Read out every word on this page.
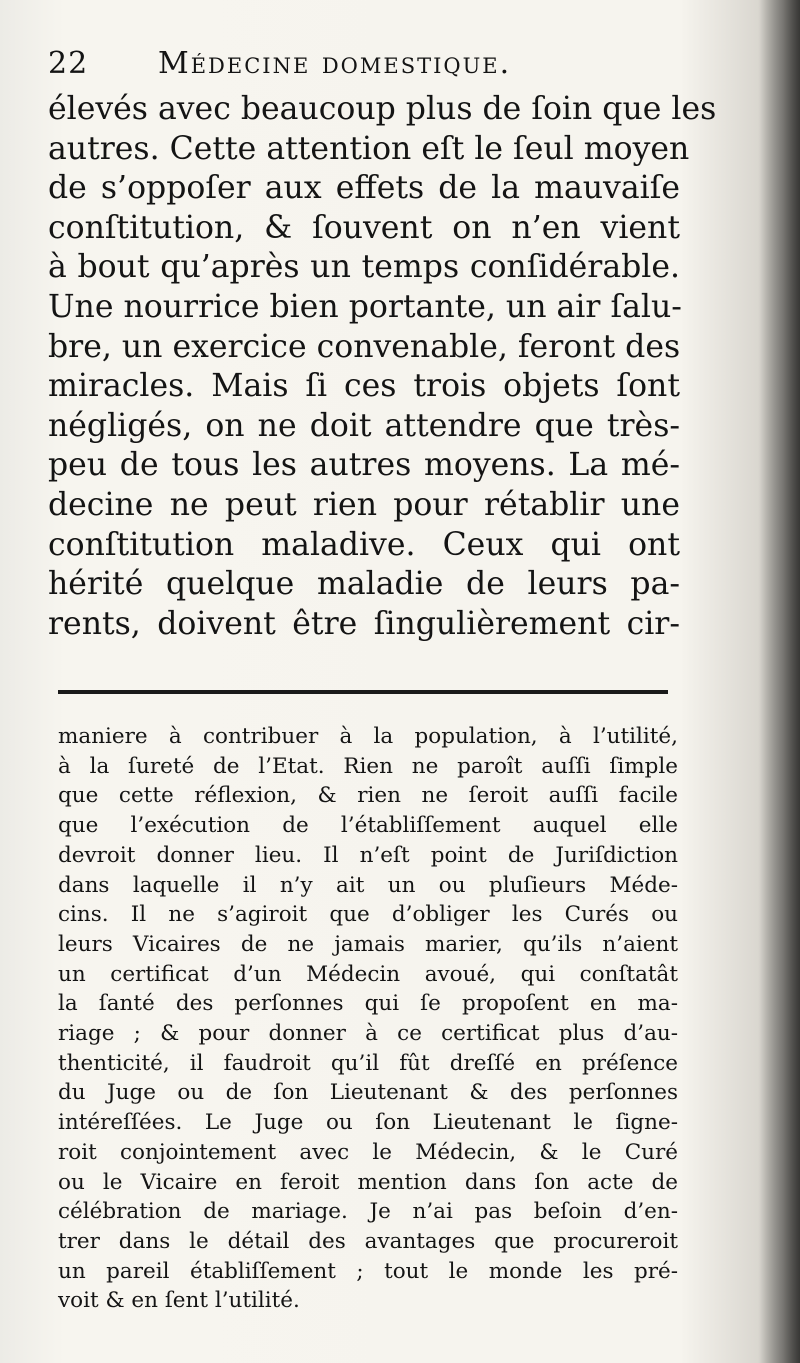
22 Médecine domestique.
élevés avec beaucoup plus de ſoin que les
autres. Cette attention eſt le ſeul moyen
de s’oppoſer aux effets de la mauvaiſe
conſtitution, & ſouvent on n’en vient
à bout qu’après un temps conſidérable.
Une nourrice bien portante, un air ſalu-
bre, un exercice convenable, feront des
miracles. Mais ſi ces trois objets ſont
négligés, on ne doit attendre que très-
peu de tous les autres moyens. La mé-
decine ne peut rien pour rétablir une
conſtitution maladive. Ceux qui ont
hérité quelque maladie de leurs pa-
rents, doivent être ſingulièrement cir-
maniere à contribuer à la population, à l’utilité,
à la ſureté de l’Etat. Rien ne paroît auſſi ſimple
que cette réflexion, & rien ne ſeroit auſſi facile
que l’exécution de l’établiſſement auquel elle
devroit donner lieu. Il n’eſt point de Juriſdiction
dans laquelle il n’y ait un ou pluſieurs Méde-
cins. Il ne s’agiroit que d’obliger les Curés ou
leurs Vicaires de ne jamais marier, qu’ils n’aient
un certificat d’un Médecin avoué, qui conſtatât
la ſanté des perſonnes qui ſe propoſent en ma-
riage ; & pour donner à ce certificat plus d’au-
thenticité, il faudroit qu’il fût dreſſé en préſence
du Juge ou de ſon Lieutenant & des perſonnes
intéreſſées. Le Juge ou ſon Lieutenant le ſigne-
roit conjointement avec le Médecin, & le Curé
ou le Vicaire en feroit mention dans ſon acte de
célébration de mariage. Je n’ai pas beſoin d’en-
trer dans le détail des avantages que procureroit
un pareil établiſſement ; tout le monde les pré-
voit & en ſent l’utilité.
